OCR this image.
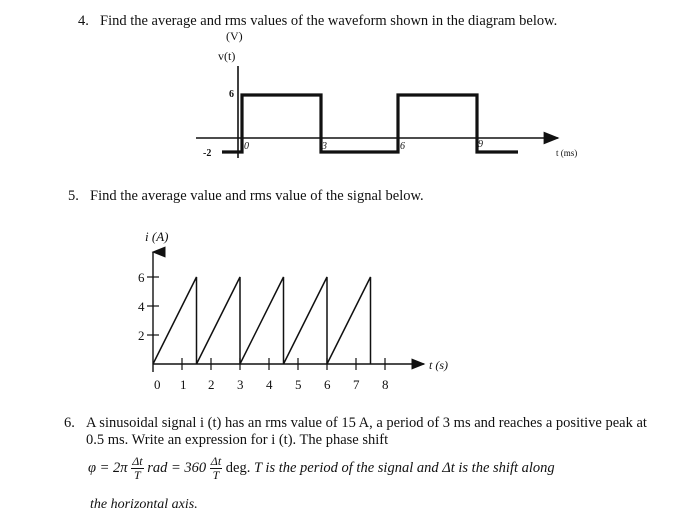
4. Find the average and rms values of the waveform shown in the diagram below.
(V)
v(t)
6
-2
0	3	6	9
t (ms)
i (A)
6
4
2
0 1 2 3 4 5 6 7 8
t (s)
5. Find the average value and rms value of the signal below.
6. A sinusoidal signal i (t) has an rms value of 15 A, a period of 3 ms and reaches a positive peak at
0.5 ms. Write an expression for i (t). The phase shift
$\varphi = 2\pi \frac{\Delta t}{T}$ rad = $360 \frac{\Delta t}{T}$ deg. T is the period of the signal and Δt is the shift along
the horizontal axis.
